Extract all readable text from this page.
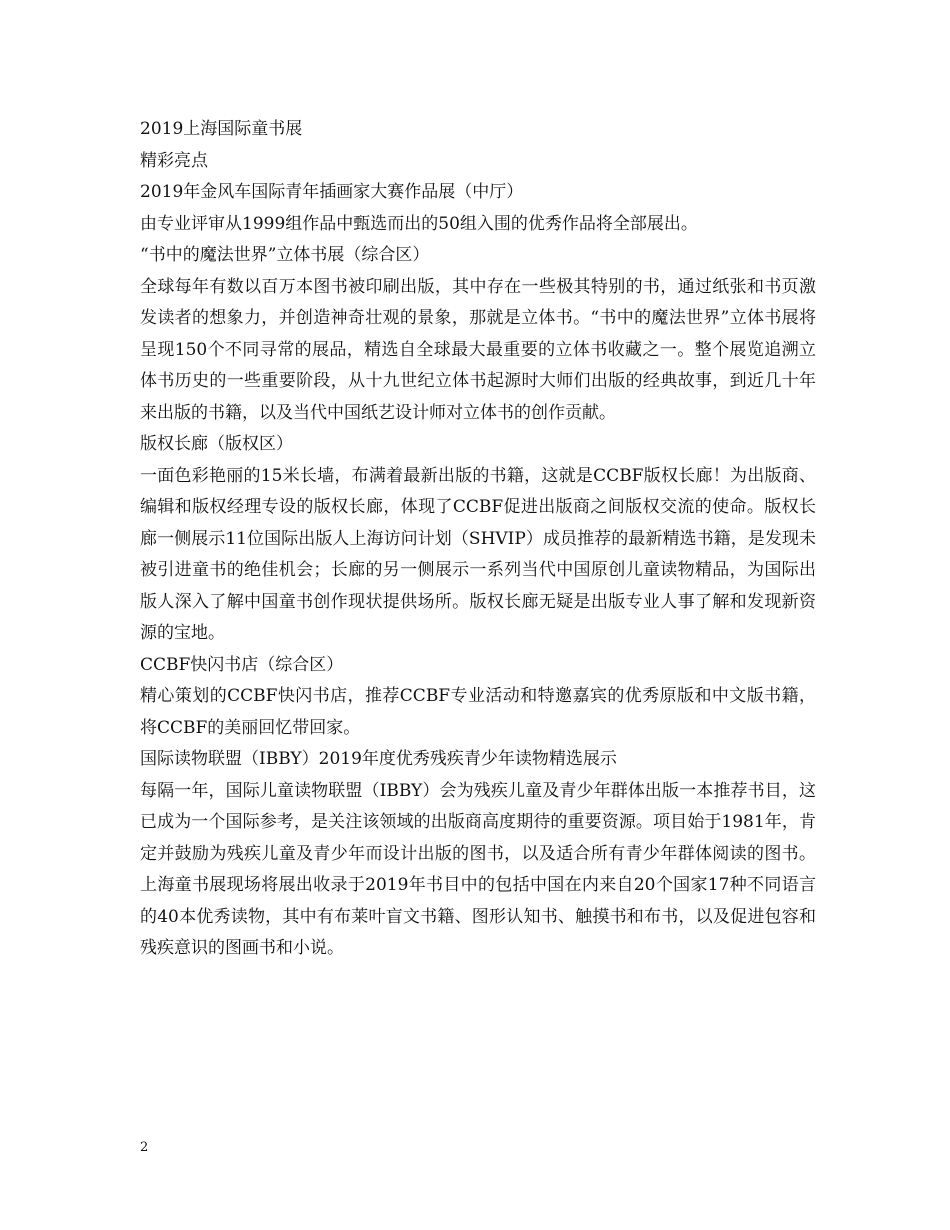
2019上海国际童书展

精彩亮点

2019年金风车国际青年插画家大赛作品展（中厅）

由专业评审从1999组作品中甄选而出的50组入围的优秀作品将全部展出。

“书中的魔法世界”立体书展（综合区）

全球每年有数以百万本图书被印刷出版，其中存在一些极其特别的书，通过纸张和书页激发读者的想象力，并创造神奇壮观的景象，那就是立体书。“书中的魔法世界”立体书展将呈现150个不同寻常的展品，精选自全球最大最重要的立体书收藏之一。整个展览追溯立体书历史的一些重要阶段，从十九世纪立体书起源时大师们出版的经典故事，到近几十年来出版的书籍，以及当代中国纸艺设计师对立体书的创作贡献。

版权长廊（版权区）

一面色彩艳丽的15米长墙，布满着最新出版的书籍，这就是CCBF版权长廊！为出版商、编辑和版权经理专设的版权长廊，体现了CCBF促进出版商之间版权交流的使命。版权长廊一侧展示11位国际出版人上海访问计划（SHVIP）成员推荐的最新精选书籍，是发现未被引进童书的绝佳机会；长廊的另一侧展示一系列当代中国原创儿童读物精品，为国际出版人深入了解中国童书创作现状提供场所。版权长廊无疑是出版专业人事了解和发现新资源的宝地。

CCBF快闪书店（综合区）

精心策划的CCBF快闪书店，推荐CCBF专业活动和特邀嘉宾的优秀原版和中文版书籍，将CCBF的美丽回忆带回家。

国际读物联盟（IBBY）2019年度优秀残疾青少年读物精选展示

每隔一年，国际儿童读物联盟（IBBY）会为残疾儿童及青少年群体出版一本推荐书目，这已成为一个国际参考，是关注该领域的出版商高度期待的重要资源。项目始于1981年，肯定并鼓励为残疾儿童及青少年而设计出版的图书，以及适合所有青少年群体阅读的图书。上海童书展现场将展出收录于2019年书目中的包括中国在内来自20个国家17种不同语言的40本优秀读物，其中有布莱叶盲文书籍、图形认知书、触摸书和布书，以及促进包容和残疾意识的图画书和小说。

2
